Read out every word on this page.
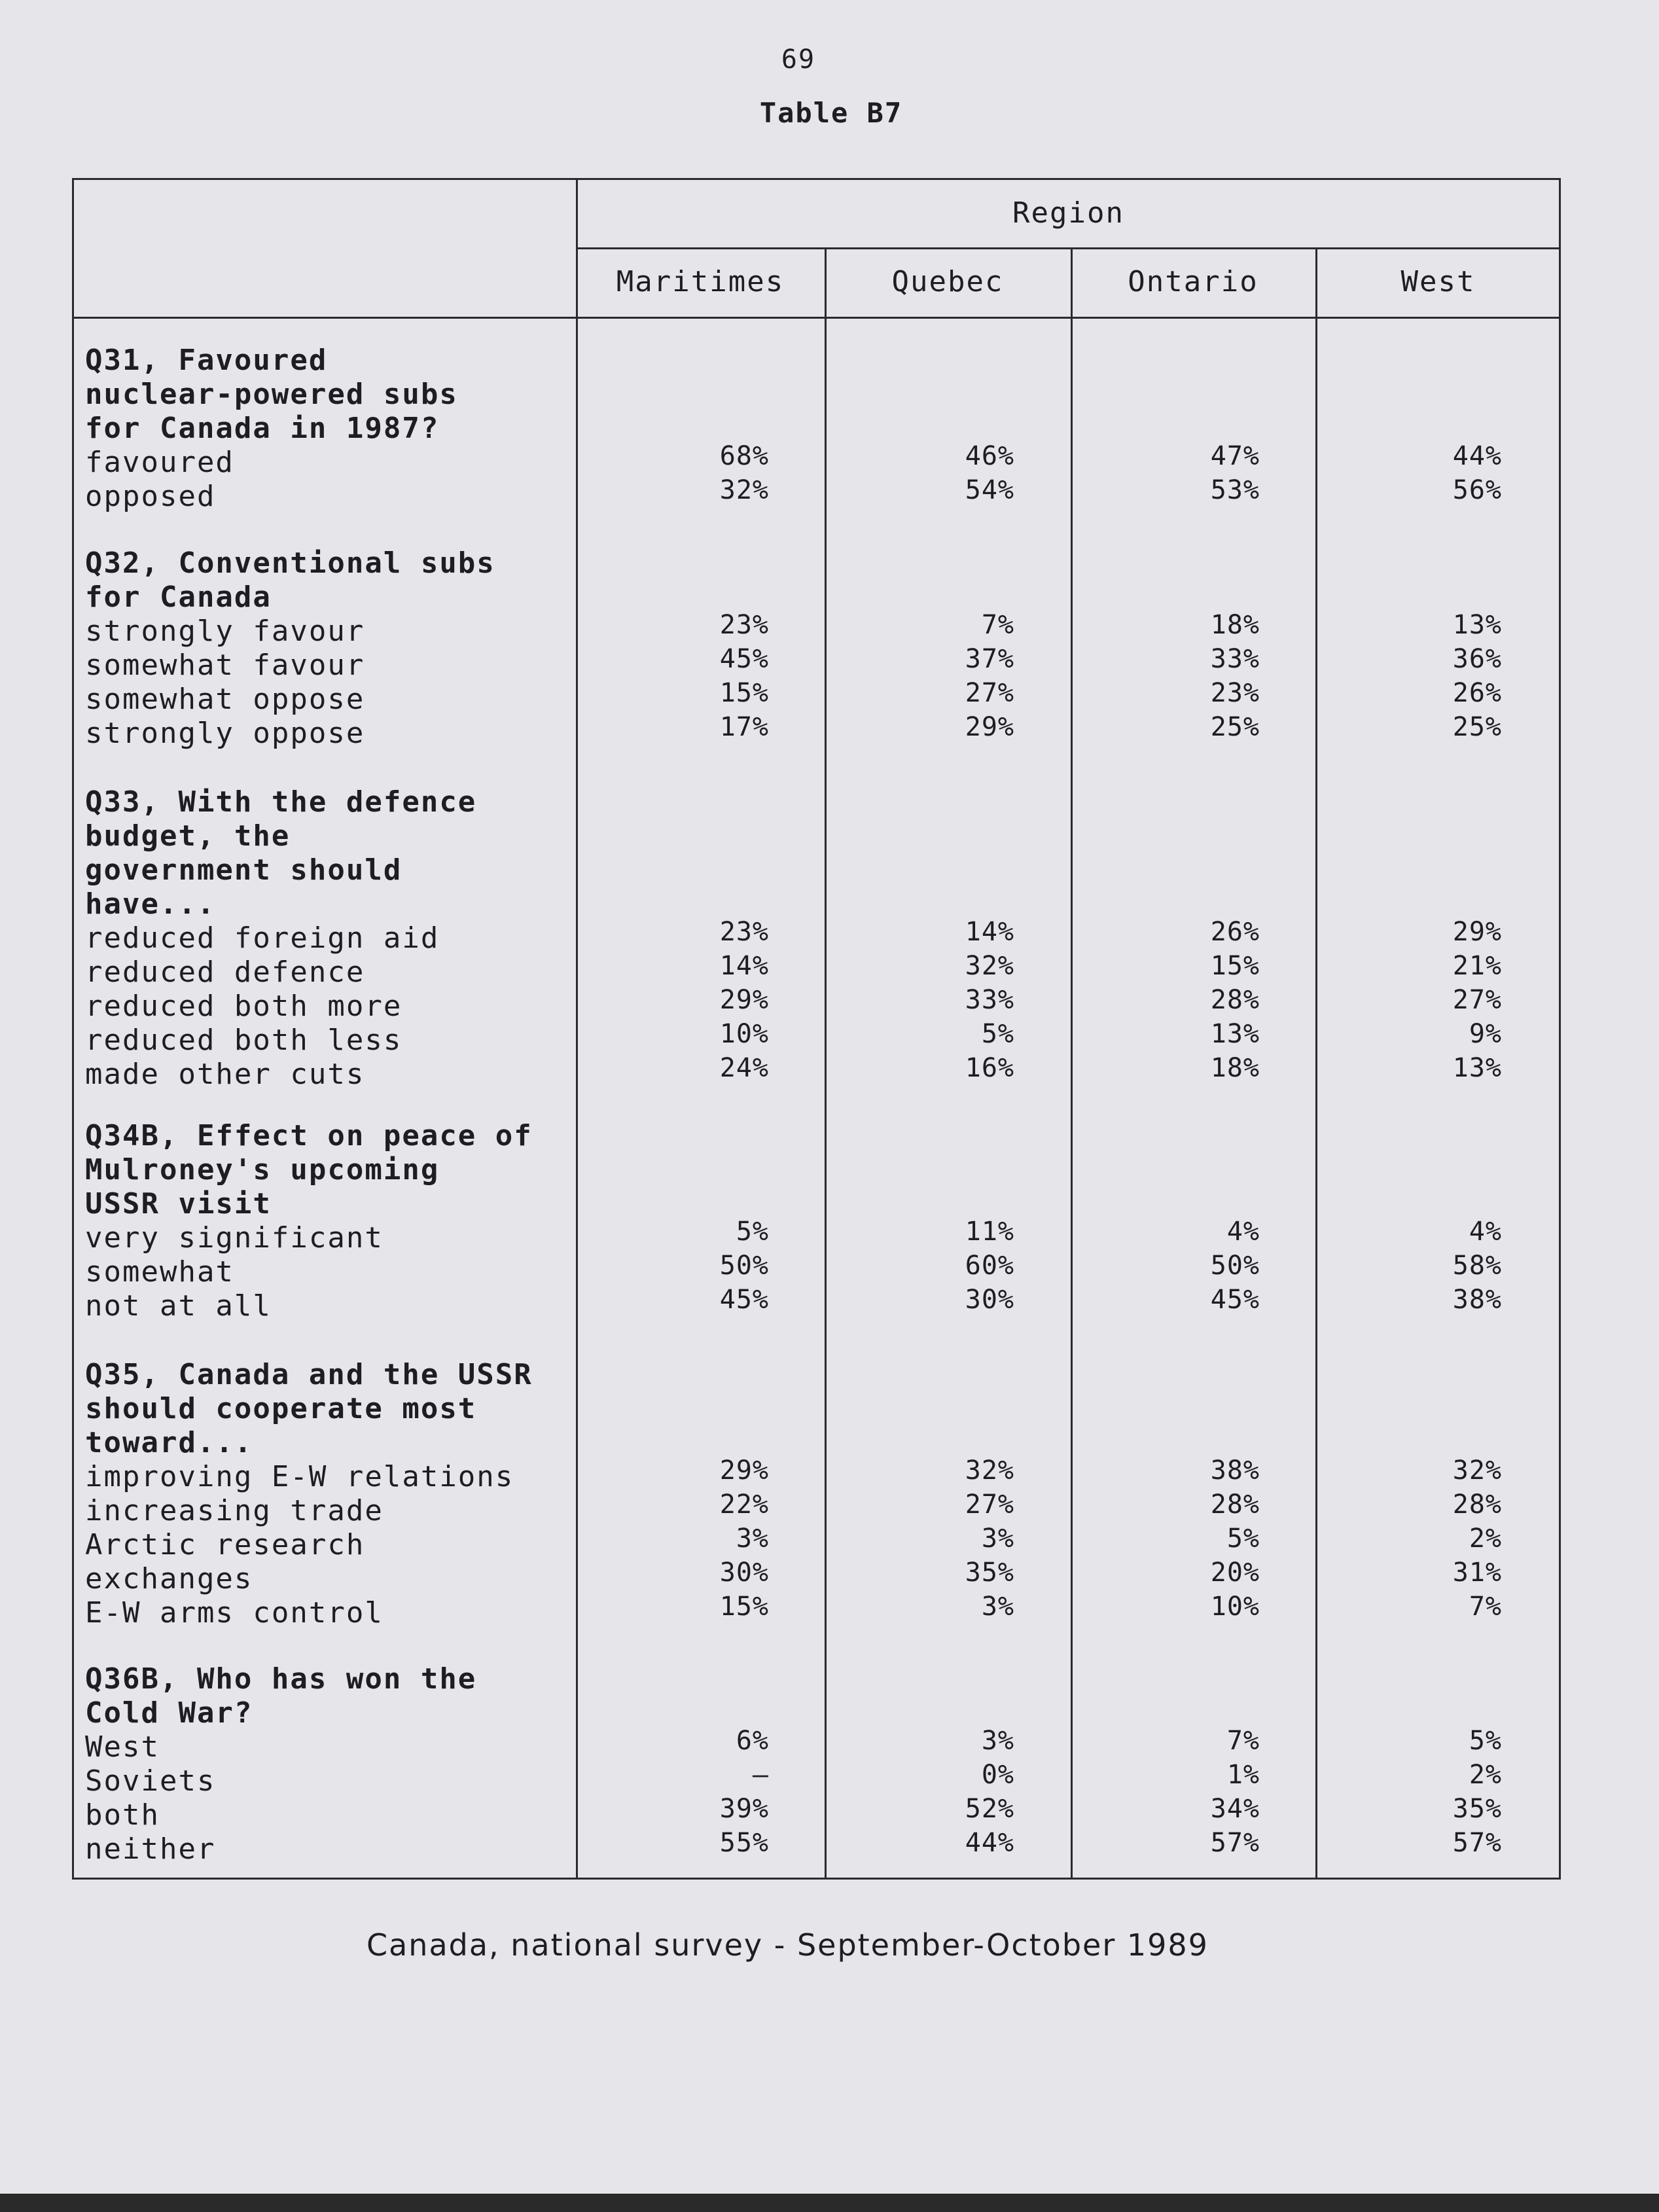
69
Table B7
Region
Maritimes	Quebec	Ontario	West
Q31, Favoured
nuclear-powered subs
for Canada in 1987?
favoured	68%	46%	47%	44%
opposed	32%	54%	53%	56%
Q32, Conventional subs
for Canada
strongly favour	23%	7%	18%	13%
somewhat favour	45%	37%	33%	36%
somewhat oppose	15%	27%	23%	26%
strongly oppose	17%	29%	25%	25%
Q33, With the defence
budget, the
government should
have...
reduced foreign aid	23%	14%	26%	29%
reduced defence	14%	32%	15%	21%
reduced both more	29%	33%	28%	27%
reduced both less	10%	5%	13%	9%
made other cuts	24%	16%	18%	13%
Q34B, Effect on peace of
Mulroney's upcoming
USSR visit
very significant	5%	11%	4%	4%
somewhat	50%	60%	50%	58%
not at all	45%	30%	45%	38%
Q35, Canada and the USSR
should cooperate most
toward...
improving E-W relations	29%	32%	38%	32%
increasing trade	22%	27%	28%	28%
Arctic research	3%	3%	5%	2%
exchanges	30%	35%	20%	31%
E-W arms control	15%	3%	10%	7%
Q36B, Who has won the
Cold War?
West	6%	3%	7%	5%
Soviets	—	0%	1%	2%
both	39%	52%	34%	35%
neither	55%	44%	57%	57%
Canada, national survey - September-October 1989
